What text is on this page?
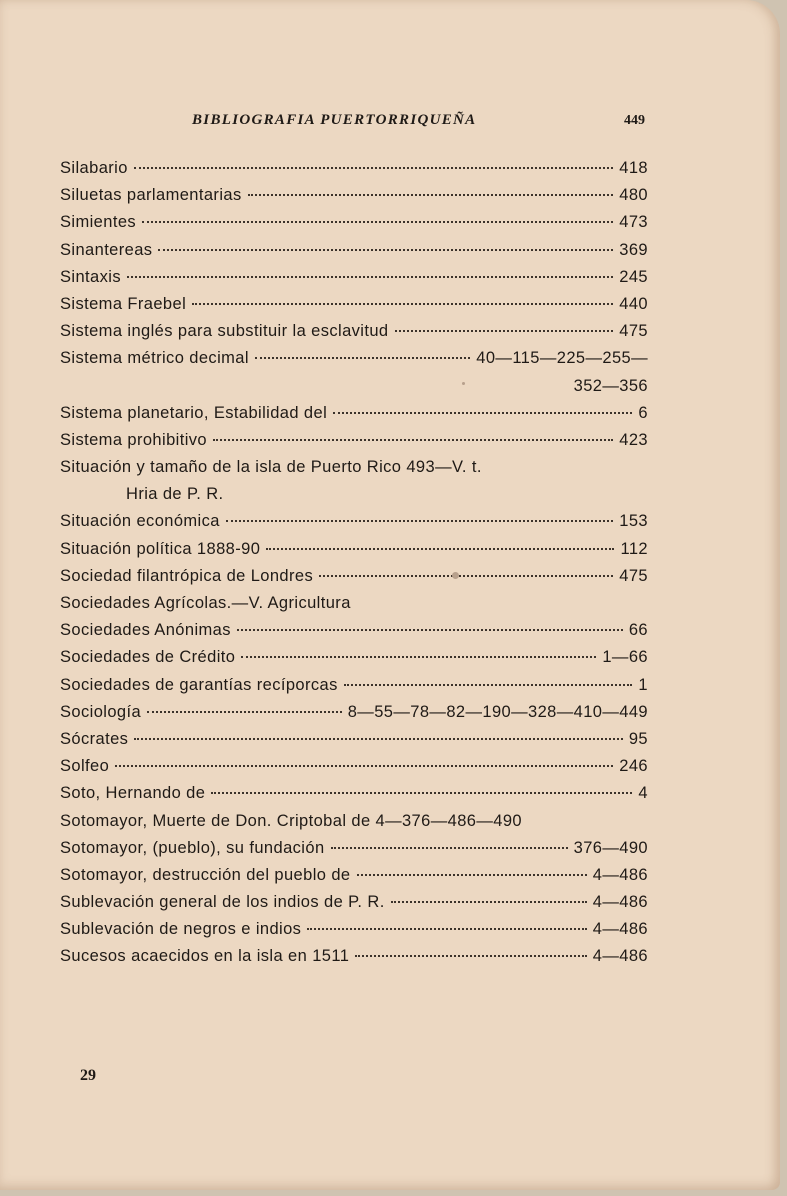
BIBLIOGRAFIA PUERTORRIQUEÑA	449
Silabario	418
Siluetas parlamentarias	480
Simientes	473
Sinantereas	369
Sintaxis	245
Sistema Fraebel	440
Sistema inglés para substituir la esclavitud	475
Sistema métrico decimal	40—115—225—255—
352—356
Sistema planetario, Estabilidad del	6
Sistema prohibitivo	423
Situación y tamaño de la isla de Puerto Rico 493—V. t.
Hria de P. R.
Situación económica	153
Situación política 1888-90	112
Sociedad filantrópica de Londres	475
Sociedades Agrícolas.—V. Agricultura
Sociedades Anónimas	66
Sociedades de Crédito	1—66
Sociedades de garantías recíporcas	1
Sociología	8—55—78—82—190—328—410—449
Sócrates	95
Solfeo	246
Soto, Hernando de	4
Sotomayor, Muerte de Don. Criptobal de 4—376—486—490
Sotomayor, (pueblo), su fundación	376—490
Sotomayor, destrucción del pueblo de	4—486
Sublevación general de los indios de P. R.	4—486
Sublevación de negros e indios	4—486
Sucesos acaecidos en la isla en 1511	4—486
29
